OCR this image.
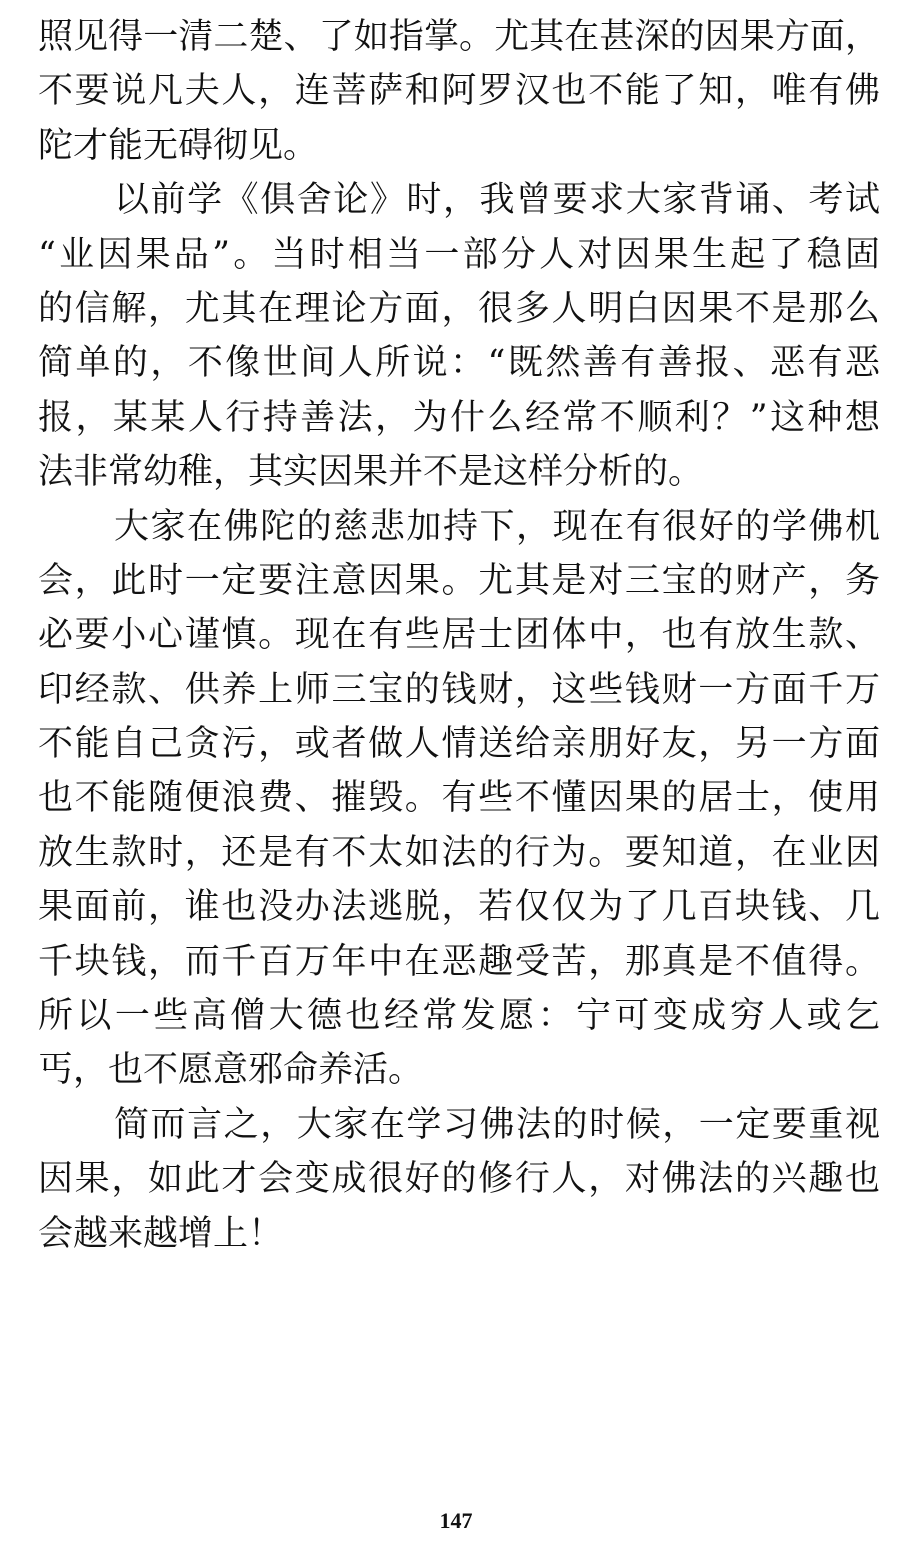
照见得一清二楚、了如指掌。尤其在甚深的因果方面，
不要说凡夫人，连菩萨和阿罗汉也不能了知，唯有佛
陀才能无碍彻见。
以前学《俱舍论》时，我曾要求大家背诵、考试
“业因果品”。当时相当一部分人对因果生起了稳固
的信解，尤其在理论方面，很多人明白因果不是那么
简单的，不像世间人所说：“既然善有善报、恶有恶
报，某某人行持善法，为什么经常不顺利？”这种想
法非常幼稚，其实因果并不是这样分析的。
大家在佛陀的慈悲加持下，现在有很好的学佛机
会，此时一定要注意因果。尤其是对三宝的财产，务
必要小心谨慎。现在有些居士团体中，也有放生款、
印经款、供养上师三宝的钱财，这些钱财一方面千万
不能自己贪污，或者做人情送给亲朋好友，另一方面
也不能随便浪费、摧毁。有些不懂因果的居士，使用
放生款时，还是有不太如法的行为。要知道，在业因
果面前，谁也没办法逃脱，若仅仅为了几百块钱、几
千块钱，而千百万年中在恶趣受苦，那真是不值得。
所以一些高僧大德也经常发愿：宁可变成穷人或乞
丐，也不愿意邪命养活。
简而言之，大家在学习佛法的时候，一定要重视
因果，如此才会变成很好的修行人，对佛法的兴趣也
会越来越增上！
147
